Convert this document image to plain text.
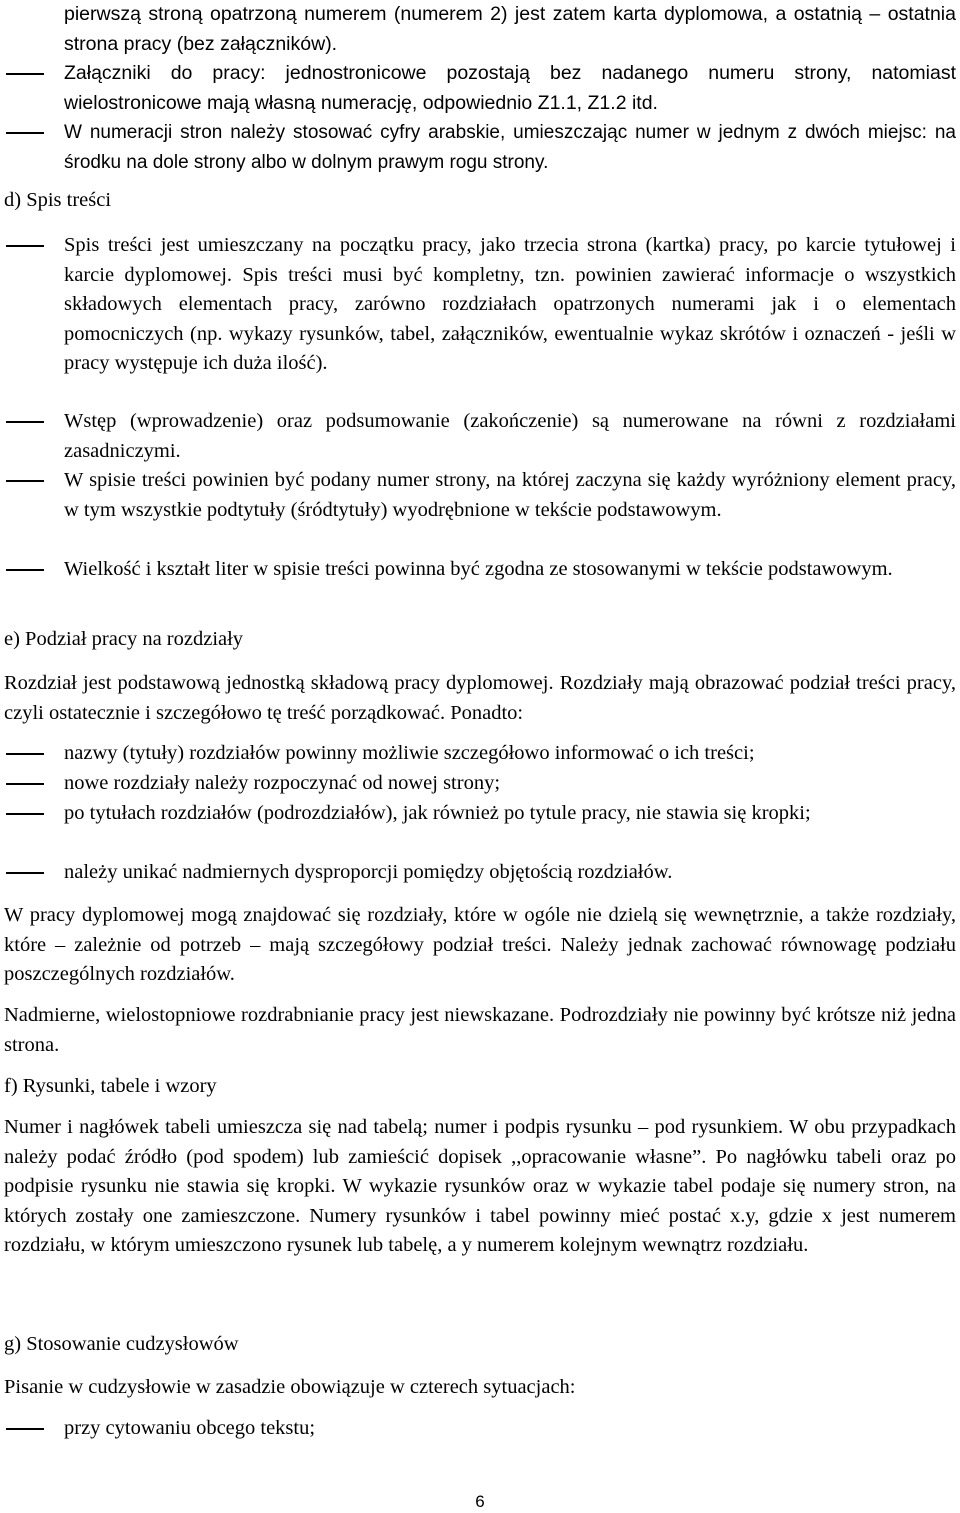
pierwszą stroną opatrzoną numerem (numerem 2) jest zatem karta dyplomowa, a ostatnią – ostatnia strona pracy (bez załączników).
Załączniki do pracy: jednostronicowe pozostają bez nadanego numeru strony, natomiast wielostronicowe mają własną numerację, odpowiednio Z1.1, Z1.2 itd.
W numeracji stron należy stosować cyfry arabskie, umieszczając numer w jednym z dwóch miejsc: na środku na dole strony albo w dolnym prawym rogu strony.
d) Spis treści
Spis treści jest umieszczany na początku pracy, jako trzecia strona (kartka) pracy, po karcie tytułowej i karcie dyplomowej. Spis treści musi być kompletny, tzn. powinien zawierać informacje o wszystkich składowych elementach pracy, zarówno rozdziałach opatrzonych numerami jak i o elementach pomocniczych (np. wykazy rysunków, tabel, załączników, ewentualnie wykaz skrótów i oznaczeń - jeśli w pracy występuje ich duża ilość).
Wstęp (wprowadzenie) oraz podsumowanie (zakończenie) są numerowane na równi z rozdziałami zasadniczymi.
W spisie treści powinien być podany numer strony, na której zaczyna się każdy wyróżniony element pracy, w tym wszystkie podtytuły (śródtytuły) wyodrębnione w tekście podstawowym.
Wielkość i kształt liter w spisie treści powinna być zgodna ze stosowanymi w tekście podstawowym.
e) Podział pracy na rozdziały
Rozdział jest podstawową jednostką składową pracy dyplomowej. Rozdziały mają obrazować podział treści pracy, czyli ostatecznie i szczegółowo tę treść porządkować. Ponadto:
nazwy (tytuły) rozdziałów powinny możliwie szczegółowo informować o ich treści;
nowe rozdziały należy rozpoczynać od nowej strony;
po tytułach rozdziałów (podrozdziałów), jak również po tytule pracy, nie stawia się kropki;
należy unikać nadmiernych dysproporcji pomiędzy objętością rozdziałów.
W pracy dyplomowej mogą znajdować się rozdziały, które w ogóle nie dzielą się wewnętrznie, a także rozdziały, które – zależnie od potrzeb – mają szczegółowy podział treści. Należy jednak zachować równowagę podziału poszczególnych rozdziałów.
Nadmierne, wielostopniowe rozdrabnianie pracy jest niewskazane. Podrozdziały nie powinny być krótsze niż jedna strona.
f) Rysunki, tabele i wzory
Numer i nagłówek tabeli umieszcza się nad tabelą; numer i podpis rysunku – pod rysunkiem. W obu przypadkach należy podać źródło (pod spodem) lub zamieścić dopisek ,,opracowanie własne”. Po nagłówku tabeli oraz po podpisie rysunku nie stawia się kropki. W wykazie rysunków oraz w wykazie tabel podaje się numery stron, na których zostały one zamieszczone. Numery rysunków i tabel powinny mieć postać x.y, gdzie x jest numerem rozdziału, w którym umieszczono rysunek lub tabelę, a y numerem kolejnym wewnątrz rozdziału.
g) Stosowanie cudzysłowów
Pisanie w cudzysłowie w zasadzie obowiązuje w czterech sytuacjach:
przy cytowaniu obcego tekstu;
6
